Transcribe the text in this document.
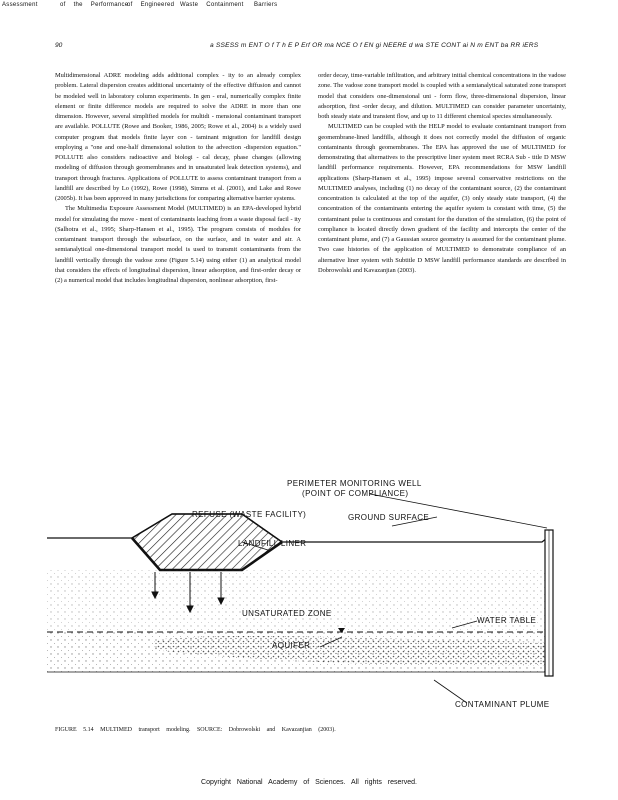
Assessment	of the Performance
of Engineered Waste Containment Barriers
90	a SSESS m ENT O f T h E P Erf OR ma NCE O f EN gi NEERE d wa STE CONT ai N m ENT ba RR iERS

Multidimensional ADRE modeling adds additional complex - ity to an already complex problem. Lateral dispersion creates additional uncertainty of the effective diffusion and cannot be modeled well in laboratory column experiments. In gen - eral, numerically complex finite element or finite difference models are required to solve the ADRE in more than one dimension. However, several simplified models for multidi - mensional contaminant transport are available. POLLUTE (Rowe and Booker, 1986, 2005; Rowe et al., 2004) is a widely used computer program that models finite layer con - taminant migration for landfill design employing a "one and one-half dimensional solution to the advection -dispersion equation." POLLUTE also considers radioactive and biologi - cal decay, phase changes (allowing modeling of diffusion through geomembranes and in unsaturated leak detection systems), and transport through fractures. Applications of POLLUTE to assess contaminant transport from a landfill are described by Lo (1992), Rowe (1998), Simms et al. (2001), and Lake and Rowe (2005b). It has been approved in many jurisdictions for comparing alternative barrier systems.

The Multimedia Exposure Assessment Model (MULTIMED) is an EPA-developed hybrid model for simulating the move - ment of contaminants leaching from a waste disposal facil - ity (Salhotra et al., 1995; Sharp-Hansen et al., 1995). The program consists of modules for contaminant transport through the subsurface, on the surface, and in water and air. A semianalytical one-dimensional transport model is used to transmit contaminants from the landfill vertically through the vadose zone (Figure 5.14) using either (1) an analytical model that considers the effects of longitudinal dispersion, linear adsorption, and first-order decay or (2) a numerical model that includes longitudinal dispersion, nonlinear adsorption, first-

order decay, time-variable infiltration, and arbitrary initial chemical concentrations in the vadose zone. The vadose zone transport model is coupled with a semianalytical saturated zone transport model that considers one-dimensional uni - form flow, three-dimensional dispersion, linear adsorption, first -order decay, and dilution. MULTIMED can consider parameter uncertainty, both steady state and transient flow, and up to 11 different chemical species simultaneously.

MULTIMED can be coupled with the HELP model to evaluate contaminant transport from geomembrane-lined landfills, although it does not correctly model the diffusion of organic contaminants through geomembranes. The EPA has approved the use of MULTIMED for demonstrating that alternatives to the prescriptive liner system meet RCRA Sub - title D MSW landfill performance requirements. However, EPA recommendations for MSW landfill applications (Sharp-Hansen et al., 1995) impose several conservative restrictions on the MULTIMED analyses, including (1) no decay of the contaminant source, (2) the contaminant concentration is calculated at the top of the aquifer, (3) only steady state transport, (4) the concentration of the contaminants entering the aquifer system is constant with time, (5) the contaminant pulse is continuous and constant for the duration of the simulation, (6) the point of compliance is located directly down gradient of the facility and intercepts the center of the contaminant plume, and (7) a Gaussian source geometry is assumed for the contaminant plume. Two case histories of the application of MULTIMED to demonstrate compliance of an alternative liner system with Subtitle D MSW landfill performance standards are described in Dobrowolski and Kavazanjian (2003).

PERIMETER MONITORING WELL
(POINT OF COMPLIANCE)
REFUSE (WASTE FACILITY)	GROUND SURFACE
LANDFILL LINER
UNSATURATED ZONE
WATER TABLE
AQUIFER
CONTAMINANT PLUME
FIGURE 5.14 MULTIMED transport modeling. SOURCE: Dobrowolski and Kavazanjian (2003).
Copyright National Academy of Sciences. All rights reserved.
